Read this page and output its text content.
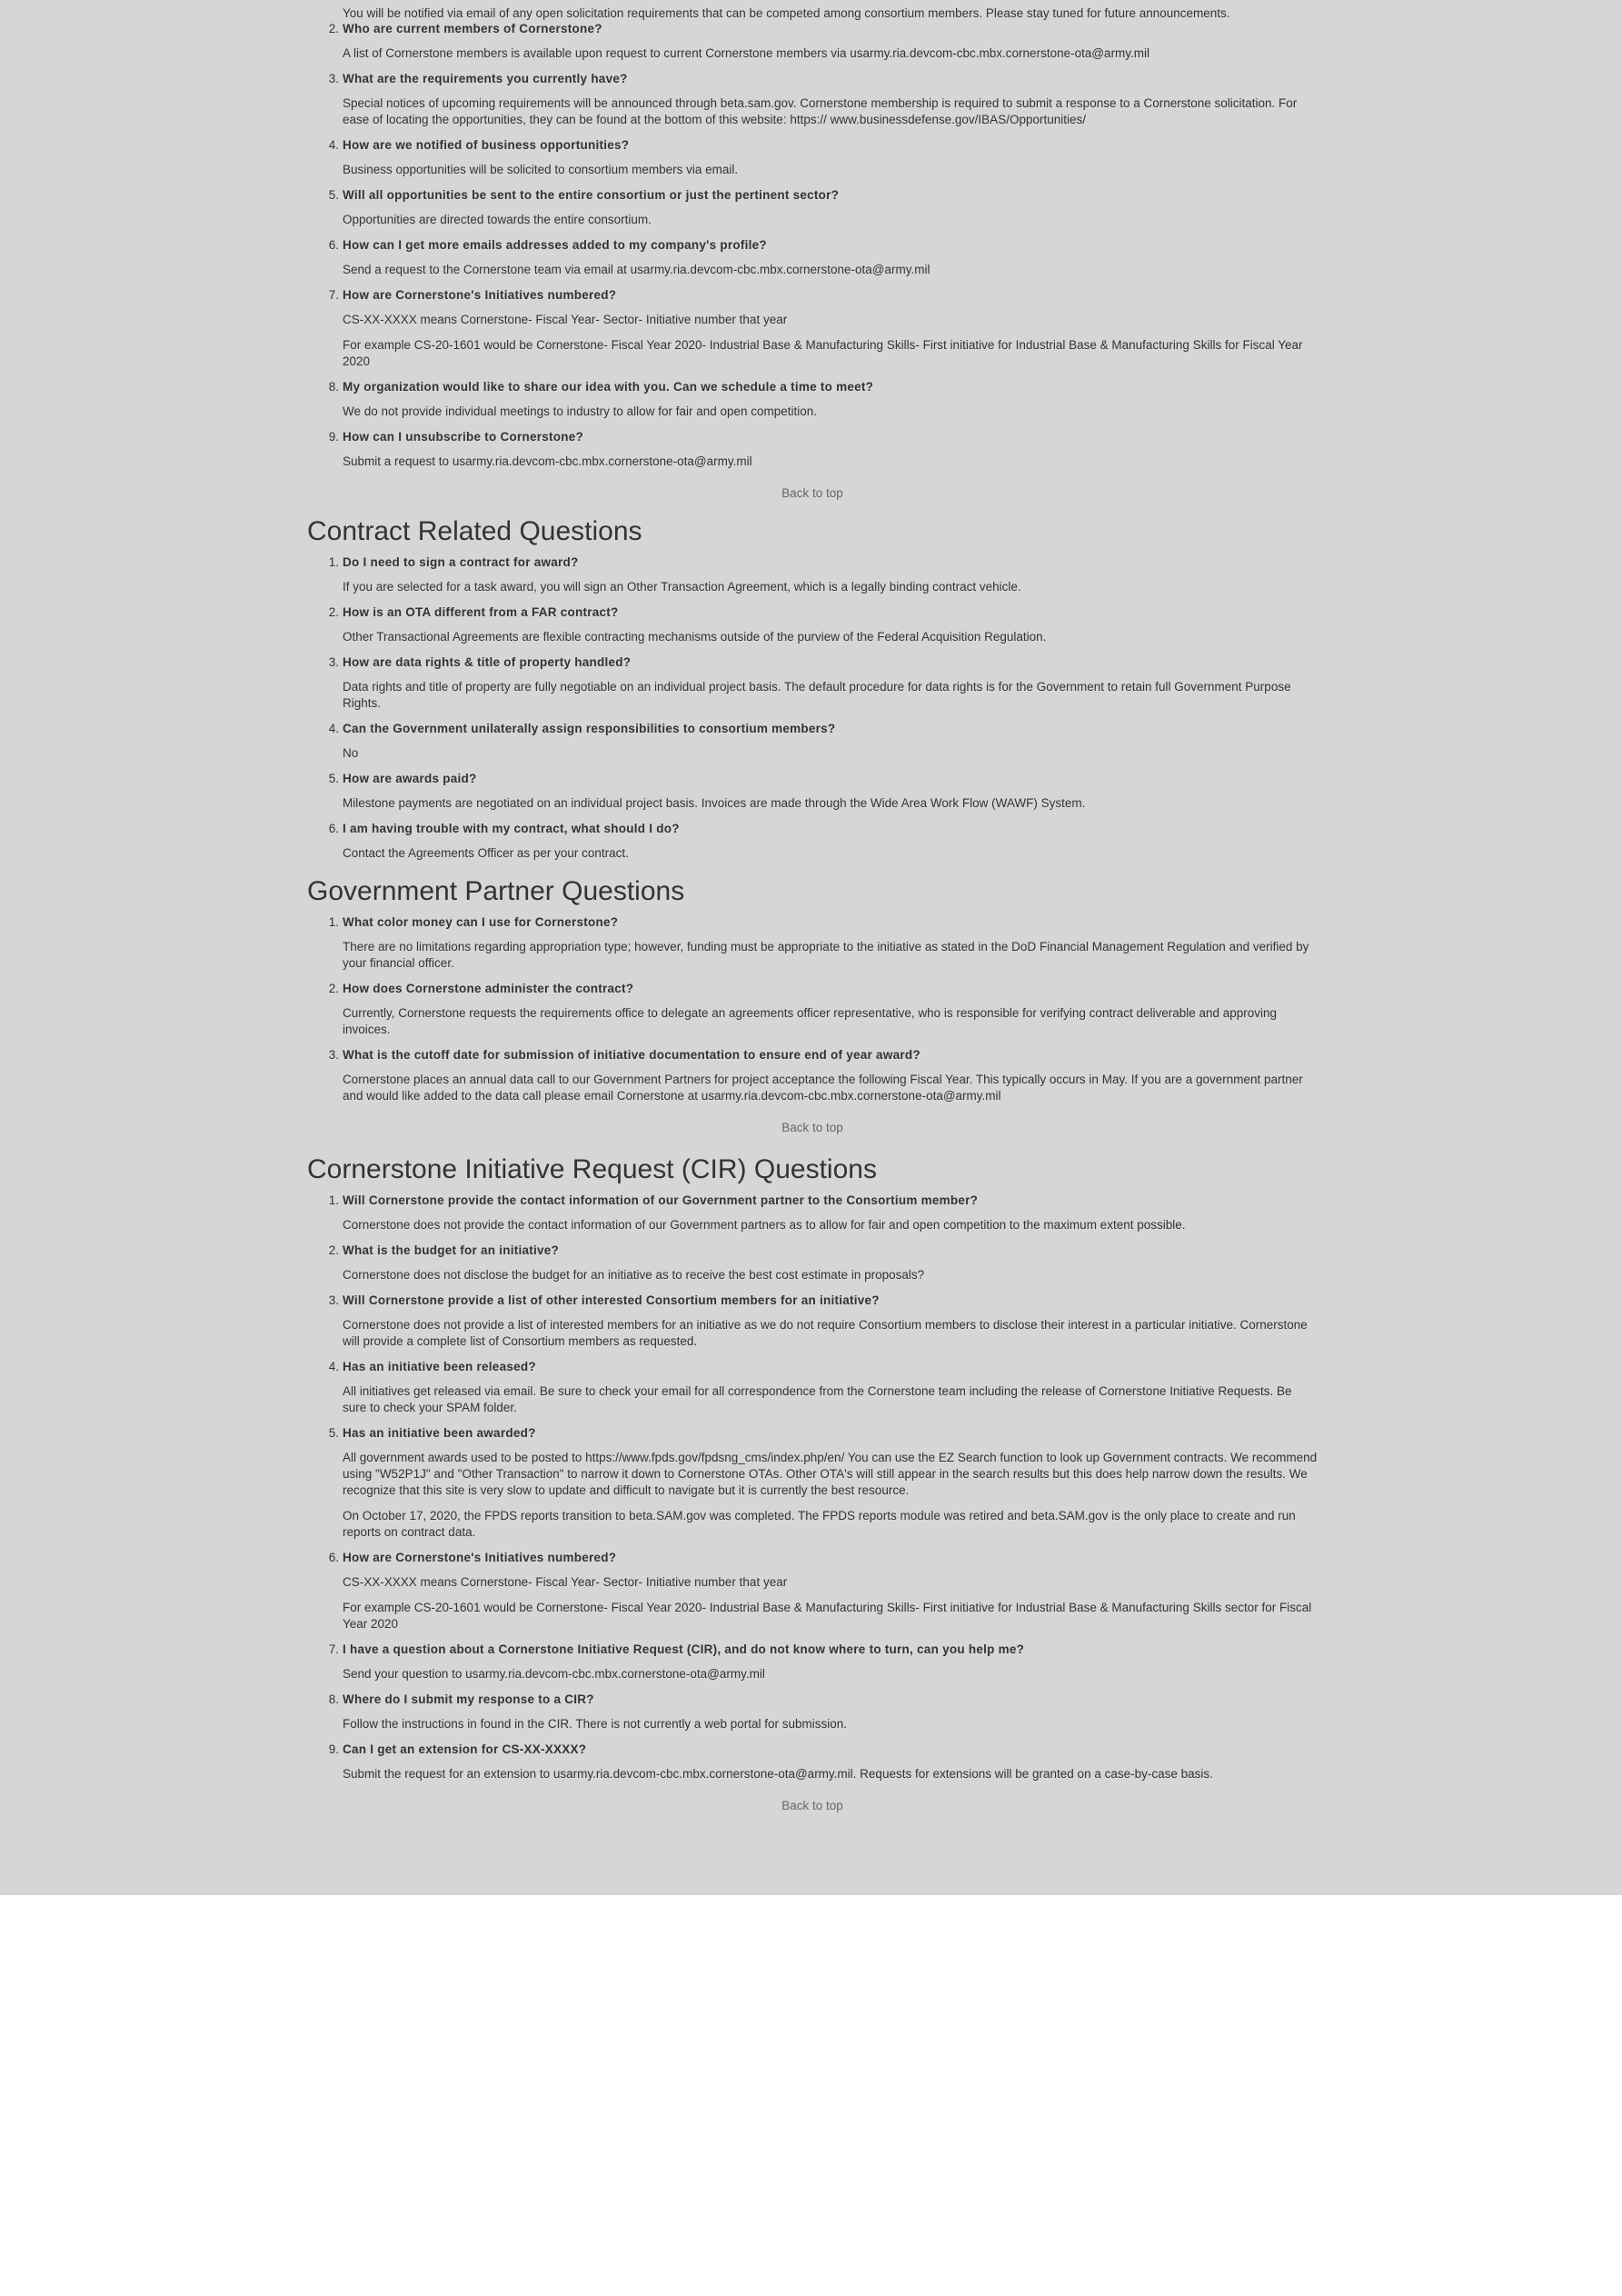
You will be notified via email of any open solicitation requirements that can be competed among consortium members. Please stay tuned for future announcements.

Who are current members of Cornerstone?

A list of Cornerstone members is available upon request to current Cornerstone members via usarmy.ria.devcom-cbc.mbx.cornerstone-ota@army.mil

What are the requirements you currently have?

Special notices of upcoming requirements will be announced through beta.sam.gov. Cornerstone membership is required to submit a response to a Cornerstone solicitation. For ease of locating the opportunities, they can be found at the bottom of this website: https:// www.businessdefense.gov/IBAS/Opportunities/

How are we notified of business opportunities?

Business opportunities will be solicited to consortium members via email.

Will all opportunities be sent to the entire consortium or just the pertinent sector?

Opportunities are directed towards the entire consortium.

How can I get more emails addresses added to my company's profile?

Send a request to the Cornerstone team via email at usarmy.ria.devcom-cbc.mbx.cornerstone-ota@army.mil

How are Cornerstone's Initiatives numbered?

CS-XX-XXXX means Cornerstone- Fiscal Year- Sector- Initiative number that year

For example CS-20-1601 would be Cornerstone- Fiscal Year 2020- Industrial Base & Manufacturing Skills- First initiative for Industrial Base & Manufacturing Skills for Fiscal Year 2020

My organization would like to share our idea with you. Can we schedule a time to meet?

We do not provide individual meetings to industry to allow for fair and open competition.

How can I unsubscribe to Cornerstone?

Submit a request to usarmy.ria.devcom-cbc.mbx.cornerstone-ota@army.mil

Back to top
Contract Related Questions

Do I need to sign a contract for award?

If you are selected for a task award, you will sign an Other Transaction Agreement, which is a legally binding contract vehicle.

How is an OTA different from a FAR contract?

Other Transactional Agreements are flexible contracting mechanisms outside of the purview of the Federal Acquisition Regulation.

How are data rights & title of property handled?

Data rights and title of property are fully negotiable on an individual project basis. The default procedure for data rights is for the Government to retain full Government Purpose Rights.

Can the Government unilaterally assign responsibilities to consortium members?

No

How are awards paid?

Milestone payments are negotiated on an individual project basis. Invoices are made through the Wide Area Work Flow (WAWF) System.

I am having trouble with my contract, what should I do?

Contact the Agreements Officer as per your contract.

Government Partner Questions

What color money can I use for Cornerstone?

There are no limitations regarding appropriation type; however, funding must be appropriate to the initiative as stated in the DoD Financial Management Regulation and verified by your financial officer.

How does Cornerstone administer the contract?

Currently, Cornerstone requests the requirements office to delegate an agreements officer representative, who is responsible for verifying contract deliverable and approving invoices.

What is the cutoff date for submission of initiative documentation to ensure end of year award?

Cornerstone places an annual data call to our Government Partners for project acceptance the following Fiscal Year. This typically occurs in May. If you are a government partner and would like added to the data call please email Cornerstone at usarmy.ria.devcom-cbc.mbx.cornerstone-ota@army.mil

Back to top
Cornerstone Initiative Request (CIR) Questions

Will Cornerstone provide the contact information of our Government partner to the Consortium member?

Cornerstone does not provide the contact information of our Government partners as to allow for fair and open competition to the maximum extent possible.

What is the budget for an initiative?

Cornerstone does not disclose the budget for an initiative as to receive the best cost estimate in proposals?

Will Cornerstone provide a list of other interested Consortium members for an initiative?

Cornerstone does not provide a list of interested members for an initiative as we do not require Consortium members to disclose their interest in a particular initiative. Cornerstone will provide a complete list of Consortium members as requested.

Has an initiative been released?

All initiatives get released via email. Be sure to check your email for all correspondence from the Cornerstone team including the release of Cornerstone Initiative Requests. Be sure to check your SPAM folder.

Has an initiative been awarded?

All government awards used to be posted to https://www.fpds.gov/fpdsng_cms/index.php/en/ You can use the EZ Search function to look up Government contracts. We recommend using "W52P1J" and "Other Transaction" to narrow it down to Cornerstone OTAs. Other OTA's will still appear in the search results but this does help narrow down the results. We recognize that this site is very slow to update and difficult to navigate but it is currently the best resource.

On October 17, 2020, the FPDS reports transition to beta.SAM.gov was completed. The FPDS reports module was retired and beta.SAM.gov is the only place to create and run reports on contract data.

How are Cornerstone's Initiatives numbered?

CS-XX-XXXX means Cornerstone- Fiscal Year- Sector- Initiative number that year

For example CS-20-1601 would be Cornerstone- Fiscal Year 2020- Industrial Base & Manufacturing Skills- First initiative for Industrial Base & Manufacturing Skills sector for Fiscal Year 2020

I have a question about a Cornerstone Initiative Request (CIR), and do not know where to turn, can you help me?

Send your question to usarmy.ria.devcom-cbc.mbx.cornerstone-ota@army.mil

Where do I submit my response to a CIR?

Follow the instructions in found in the CIR. There is not currently a web portal for submission.

Can I get an extension for CS-XX-XXXX?

Submit the request for an extension to usarmy.ria.devcom-cbc.mbx.cornerstone-ota@army.mil. Requests for extensions will be granted on a case-by-case basis.

Back to top
